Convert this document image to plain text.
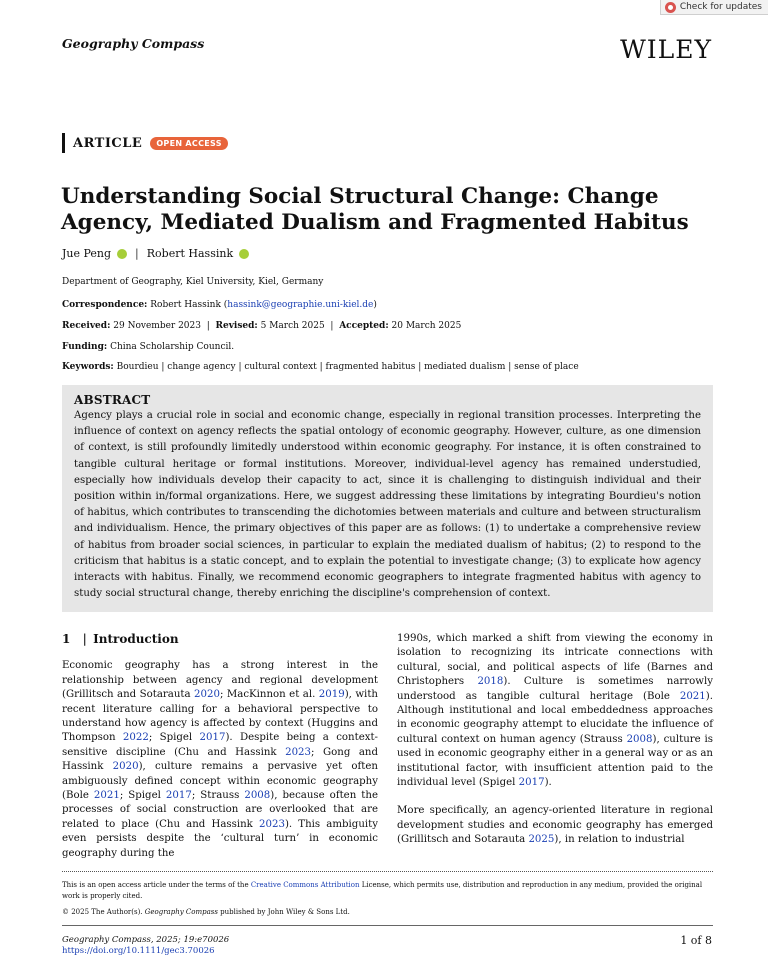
Check for updates
Geography Compass	WILEY
ARTICLE	OPEN ACCESS
Understanding Social Structural Change: Change Agency, Mediated Dualism and Fragmented Habitus
Jue Peng | Robert Hassink
Department of Geography, Kiel University, Kiel, Germany
Correspondence: Robert Hassink (hassink@geographie.uni-kiel.de)
Received: 29 November 2023  |  Revised: 5 March 2025  |  Accepted: 20 March 2025
Funding: China Scholarship Council.
Keywords: Bourdieu | change agency | cultural context | fragmented habitus | mediated dualism | sense of place
ABSTRACT

Agency plays a crucial role in social and economic change, especially in regional transition processes. Interpreting the influence of context on agency reflects the spatial ontology of economic geography. However, culture, as one dimension of context, is still profoundly limitedly understood within economic geography. For instance, it is often constrained to tangible cultural heritage or formal institutions. Moreover, individual-level agency has remained understudied, especially how individuals develop their capacity to act, since it is challenging to distinguish individual and their position within in/formal organizations. Here, we suggest addressing these limitations by integrating Bourdieu's notion of habitus, which contributes to transcending the dichotomies between materials and culture and between structuralism and individualism. Hence, the primary objectives of this paper are as follows: (1) to undertake a comprehensive review of habitus from broader social sciences, in particular to explain the mediated dualism of habitus; (2) to respond to the criticism that habitus is a static concept, and to explain the potential to investigate change; (3) to explicate how agency interacts with habitus. Finally, we recommend economic geographers to integrate fragmented habitus with agency to study social structural change, thereby enriching the discipline's comprehension of context.

1 | Introduction

Economic geography has a strong interest in the relationship between agency and regional development (Grillitsch and Sotarauta 2020; MacKinnon et al. 2019), with recent literature calling for a behavioral perspective to understand how agency is affected by context (Huggins and Thompson 2022; Spigel 2017). Despite being a context-sensitive discipline (Chu and Hassink 2023; Gong and Hassink 2020), culture remains a pervasive yet often ambiguously defined concept within economic geography (Bole 2021; Spigel 2017; Strauss 2008), because often the processes of social construction are overlooked that are related to place (Chu and Hassink 2023). This ambiguity even persists despite the ‘cultural turn’ in economic geography during the

1990s, which marked a shift from viewing the economy in isolation to recognizing its intricate connections with cultural, social, and political aspects of life (Barnes and Christophers 2018). Culture is sometimes narrowly understood as tangible cultural heritage (Bole 2021). Although institutional and local embeddedness approaches in economic geography attempt to elucidate the influence of cultural context on human agency (Strauss 2008), culture is used in economic geography either in a general way or as an institutional factor, with insufficient attention paid to the individual level (Spigel 2017).

More specifically, an agency-oriented literature in regional development studies and economic geography has emerged (Grillitsch and Sotarauta 2025), in relation to industrial

This is an open access article under the terms of the Creative Commons Attribution License, which permits use, distribution and reproduction in any medium, provided the original work is properly cited.
© 2025 The Author(s). Geography Compass published by John Wiley & Sons Ltd.
Geography Compass, 2025; 19:e70026
https://doi.org/10.1111/gec3.70026
1 of 8
